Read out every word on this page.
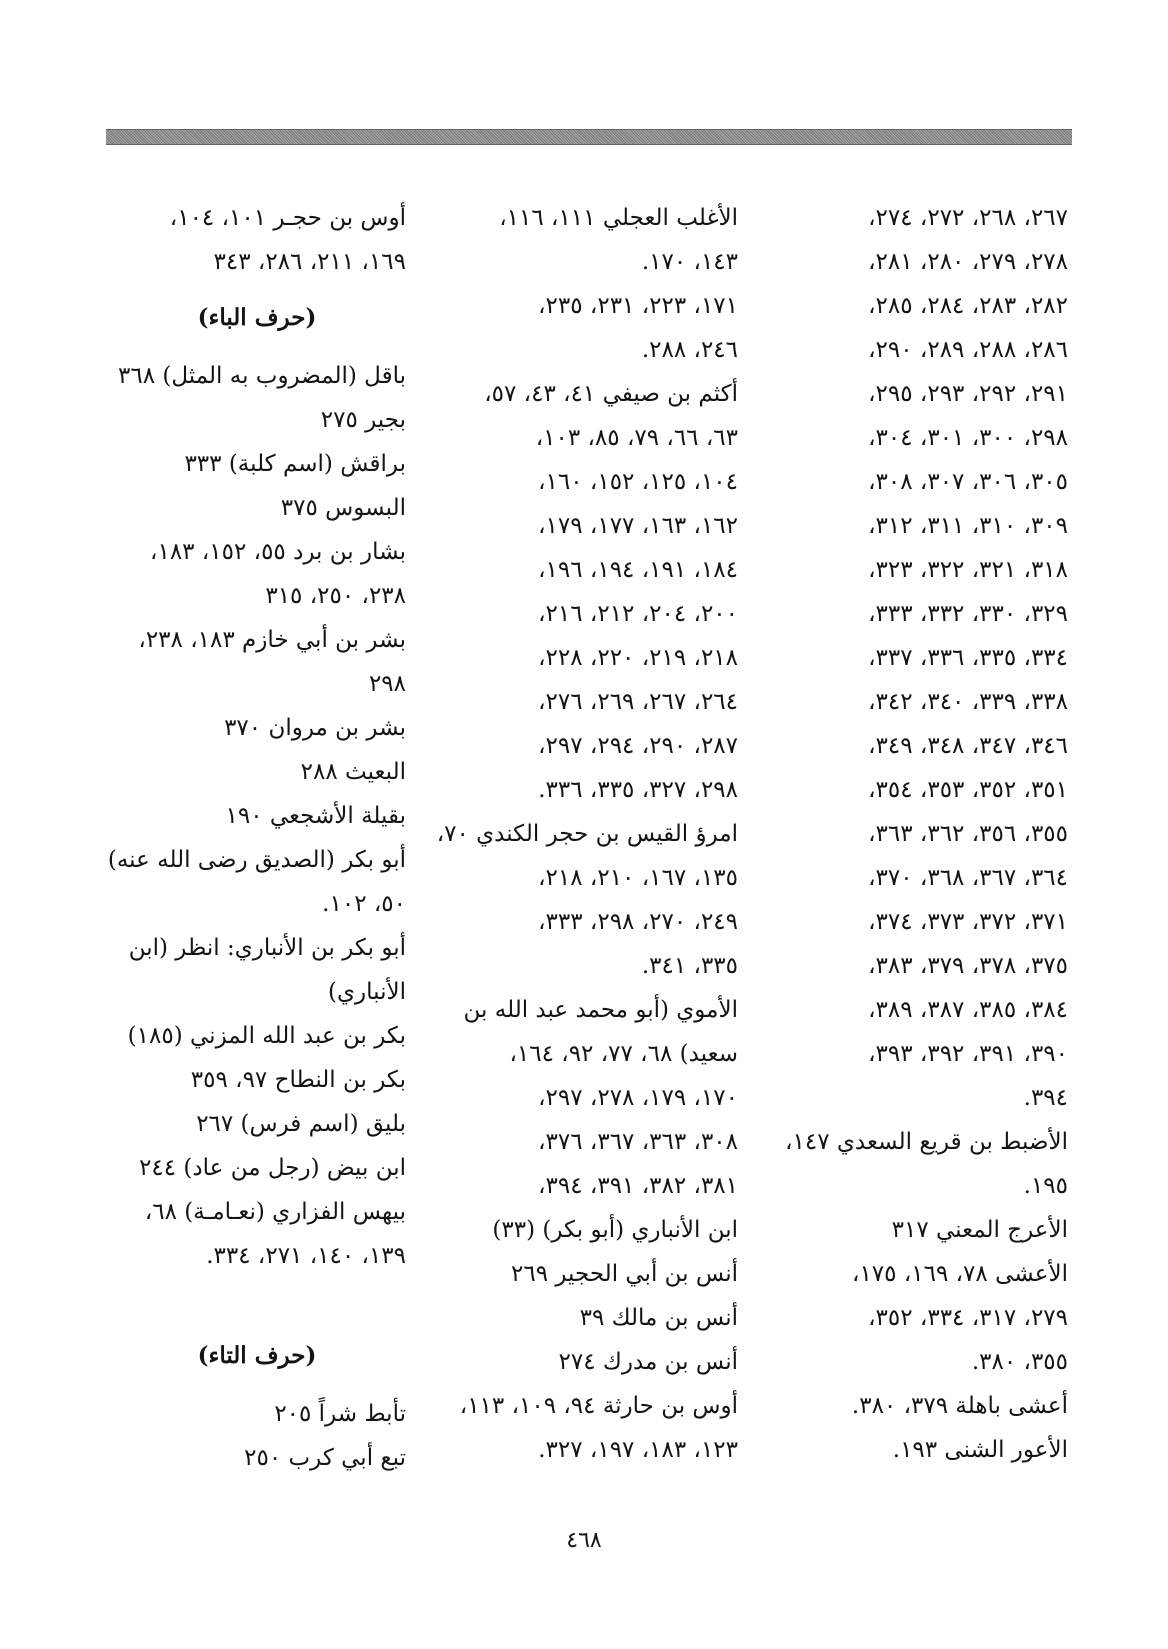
٢٦٧، ٢٦٨، ٢٧٢، ٢٧٤،
٢٧٨، ٢٧٩، ٢٨٠، ٢٨١،
٢٨٢، ٢٨٣، ٢٨٤، ٢٨٥،
٢٨٦، ٢٨٨، ٢٨٩، ٢٩٠،
٢٩١، ٢٩٢، ٢٩٣، ٢٩٥،
٢٩٨، ٣٠٠، ٣٠١، ٣٠٤،
٣٠٥، ٣٠٦، ٣٠٧، ٣٠٨،
٣٠٩، ٣١٠، ٣١١، ٣١٢،
٣١٨، ٣٢١، ٣٢٢، ٣٢٣،
٣٢٩، ٣٣٠، ٣٣٢، ٣٣٣،
٣٣٤، ٣٣٥، ٣٣٦، ٣٣٧،
٣٣٨، ٣٣٩، ٣٤٠، ٣٤٢،
٣٤٦، ٣٤٧، ٣٤٨، ٣٤٩،
٣٥١، ٣٥٢، ٣٥٣، ٣٥٤،
٣٥٥، ٣٥٦، ٣٦٢، ٣٦٣،
٣٦٤، ٣٦٧، ٣٦٨، ٣٧٠،
٣٧١، ٣٧٢، ٣٧٣، ٣٧٤،
٣٧٥، ٣٧٨، ٣٧٩، ٣٨٣،
٣٨٤، ٣٨٥، ٣٨٧، ٣٨٩،
٣٩٠، ٣٩١، ٣٩٢، ٣٩٣،
٣٩٤.
الأضبط بن قريع السعدي ١٤٧،
١٩٥.
الأعرج المعني ٣١٧
الأعشى ٧٨، ١٦٩، ١٧٥،
٢٧٩، ٣١٧، ٣٣٤، ٣٥٢،
٣٥٥، ٣٨٠.
أعشى باهلة ٣٧٩، ٣٨٠.
الأعور الشنى ١٩٣.
الأغلب العجلي ١١١، ١١٦،
١٤٣، ١٧٠.
١٧١، ٢٢٣، ٢٣١، ٢٣٥،
٢٤٦، ٢٨٨.
أكثم بن صيفي ٤١، ٤٣، ٥٧،
٦٣، ٦٦، ٧٩، ٨٥، ١٠٣،
١٠٤، ١٢٥، ١٥٢، ١٦٠،
١٦٢، ١٦٣، ١٧٧، ١٧٩،
١٨٤، ١٩١، ١٩٤، ١٩٦،
٢٠٠، ٢٠٤، ٢١٢، ٢١٦،
٢١٨، ٢١٩، ٢٢٠، ٢٢٨،
٢٦٤، ٢٦٧، ٢٦٩، ٢٧٦،
٢٨٧، ٢٩٠، ٢٩٤، ٢٩٧،
٢٩٨، ٣٢٧، ٣٣٥، ٣٣٦.
امرؤ القيس بن حجر الكندي ٧٠،
١٣٥، ١٦٧، ٢١٠، ٢١٨،
٢٤٩، ٢٧٠، ٢٩٨، ٣٣٣،
٣٣٥، ٣٤١.
الأموي (أبو محمد عبد الله بن
سعيد) ٦٨، ٧٧، ٩٢، ١٦٤،
١٧٠، ١٧٩، ٢٧٨، ٢٩٧،
٣٠٨، ٣٦٣، ٣٦٧، ٣٧٦،
٣٨١، ٣٨٢، ٣٩١، ٣٩٤،
ابن الأنباري (أبو بكر) (٣٣)
أنس بن أبي الحجير ٢٦٩
أنس بن مالك ٣٩
أنس بن مدرك ٢٧٤
أوس بن حارثة ٩٤، ١٠٩، ١١٣،
١٢٣، ١٨٣، ١٩٧، ٣٢٧.
أوس بن حجـر ١٠١، ١٠٤،
١٦٩، ٢١١، ٢٨٦، ٣٤٣
(حرف الباء)
باقل (المضروب به المثل) ٣٦٨
بجير ٢٧٥
براقش (اسم كلبة) ٣٣٣
البسوس ٣٧٥
بشار بن برد ٥٥، ١٥٢، ١٨٣،
٢٣٨، ٢٥٠، ٣١٥
بشر بن أبي خازم ١٨٣، ٢٣٨،
٢٩٨
بشر بن مروان ٣٧٠
البعيث ٢٨٨
بقيلة الأشجعي ١٩٠
أبو بكر (الصديق رضى الله عنه)
٥٠، ١٠٢.
أبو بكر بن الأنباري: انظر (ابن
الأنباري)
بكر بن عبد الله المزني (١٨٥)
بكر بن النطاح ٩٧، ٣٥٩
بليق (اسم فرس) ٢٦٧
ابن بيض (رجل من عاد) ٢٤٤
بيهس الفزاري (نعـامـة) ٦٨،
١٣٩، ١٤٠، ٢٧١، ٣٣٤.
(حرف التاء)
تأبط شراً ٢٠٥
تبع أبي كرب ٢٥٠
٤٦٨
